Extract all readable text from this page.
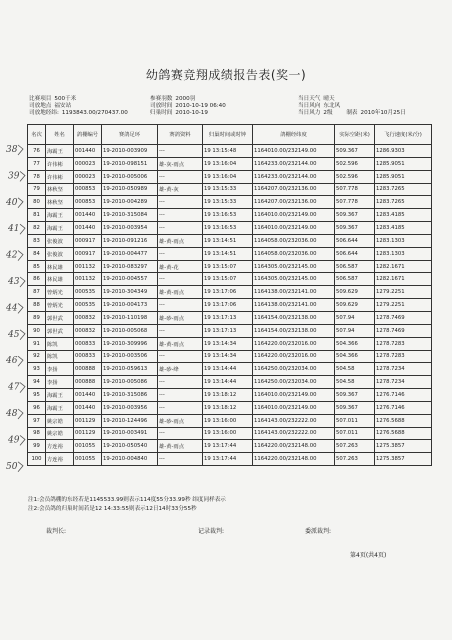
幼鸽赛竞翔成绩报告表(奖一)
比赛项目 500千米
司放地点 福安站
司放地经纬: 1193843.00/270437.00
参赛羽数 2000羽
司放时间 2010-10-19 06:40
归巢时间 2010-10-19
当日天气 晴天
当日风向 东北风
当日风力 2级 制表 2010年10月25日
名次	姓名	鸽棚编号	赛鸽足环	赛鸽资料	归巢时间或时钟	鸽棚经纬度	实际空距(米)	飞行速度(米/分)
76	海霸王	001440	19-2010-003909	---	19 13:15:48	1164010.00/232149.00	509.367	1286.9303
77	许伟彬	000023	19-2010-098151	雄-灰-雨点	19 13:16:04	1164233.00/232144.00	502.596	1285.9051
78	许伟彬	000023	19-2010-005006	---	19 13:16:04	1164233.00/232144.00	502.596	1285.9051
79	林秋坚	000853	19-2010-050989	雄-黄-灰	19 13:15:33	1164207.00/232136.00	507.778	1283.7265
80	林秋坚	000853	19-2010-004289	---	19 13:15:33	1164207.00/232136.00	507.778	1283.7265
81	海霸王	001440	19-2010-315084	---	19 13:16:53	1164010.00/232149.00	509.367	1283.4185
82	海霸王	001440	19-2010-003954	---	19 13:16:53	1164010.00/232149.00	509.367	1283.4185
83	张俊波	000917	19-2010-091216	雄-黄-雨点	19 13:14:51	1164058.00/232036.00	506.644	1283.1303
84	张俊波	000917	19-2010-004477	---	19 13:14:51	1164058.00/232036.00	506.644	1283.1303
85	林民雄	001132	19-2010-083297	雄-黄-花	19 13:15:07	1164305.00/232145.00	506.587	1282.1671
86	林民雄	001132	19-2010-004557	---	19 13:15:07	1164305.00/232145.00	506.587	1282.1671
87	曾炳光	000535	19-2010-304349	雄-黄-雨点	19 13:17:06	1164138.00/232141.00	509.629	1279.2251
88	曾炳光	000535	19-2010-004173	---	19 13:17:06	1164138.00/232141.00	509.629	1279.2251
89	郭世武	000832	19-2010-110198	雄-砂-雨点	19 13:17:13	1164154.00/232138.00	507.94	1278.7469
90	郭世武	000832	19-2010-005068	---	19 13:17:13	1164154.00/232138.00	507.94	1278.7469
91	陈凯	000833	19-2010-309996	雄-黄-雨点	19 13:14:34	1164220.00/232016.00	504.366	1278.7283
92	陈凯	000833	19-2010-003506	---	19 13:14:34	1164220.00/232016.00	504.366	1278.7283
93	李扬	000888	19-2010-059613	雄-砂-绛	19 13:14:44	1164250.00/232034.00	504.58	1278.7234
94	李扬	000888	19-2010-005086	---	19 13:14:44	1164250.00/232034.00	504.58	1278.7234
95	海霸王	001440	19-2010-315086	---	19 13:18:12	1164010.00/232149.00	509.367	1276.7146
96	海霸王	001440	19-2010-003956	---	19 13:18:12	1164010.00/232149.00	509.367	1276.7146
97	姚宗皓	001129	19-2010-124496	雄-砂-雨点	19 13:16:00	1164143.00/232222.00	507.011	1276.5688
98	姚宗皓	001129	19-2010-003491	---	19 13:16:00	1164143.00/232222.00	507.011	1276.5688
99	方连裕	001055	19-2010-050540	雄-黄-雨点	19 13:17:44	1164220.00/232148.00	507.263	1275.3857
100	方连裕	001055	19-2010-004840	---	19 13:17:44	1164220.00/232148.00	507.263	1275.3857
注1:会员鸽棚的东经若是1145533.99则表示114度55分33.99秒 纬度同样表示
注2:会员鸽的归巢时间若是12 14:33:55则表示12日14时33分55秒
裁判长:	记录裁判:	委派裁判:
第4页(共4页)
38
39
40
41
42
43
44
45
46
47
48
49
50
